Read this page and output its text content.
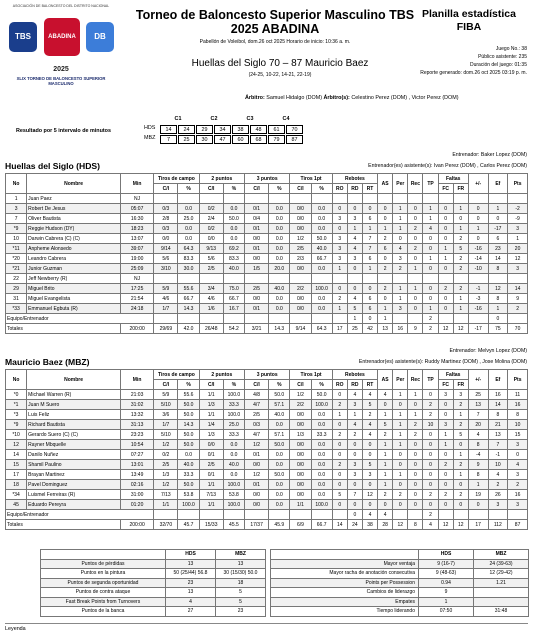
ASOCIACIÓN DE BALONCESTO DEL DISTRITO NACIONAL
TBS	ABADINA	DB
2025
XLIX TORNEO DE BALONCESTO SUPERIOR MASCULINO
Torneo de Baloncesto Superior Masculino TBS
2025 ABADINA
Pabellón de Voleibol, dom.26 oct 2025 Horario de inicio: 10:36 a. m.
Huellas del Siglo 70 – 87 Mauricio Baez
(24-25, 10-22, 14-21, 22-19)
Planilla estadística
FIBA
Juego No.: 38
Público asistente: 235
Duración del juego: 01:35
Reporte generado: dom.26 oct 2025 03:19 p. m.
Árbitro: Samuel Hidalgo (DOM) Árbitro(s): Celestino Perez (DOM) , Victor Perez (DOM)
Resultado por 5 intervalo de minutos
C1	C2	C3	C4
HDS
MBZ
14	24	29	34	38	48	61	70
7	25	30	47	60	68	79	87
Huellas del Siglo (HDS)
Entrenador: Baker Lopez (DOM)
Entrenador(es) asistente(s): Ivan Perez (DOM) , Carlos Perez (DOM)
No	Nombre	Min	Tiros de campo		2 puntos		3 puntos		Tiros 1pt		Rebotes			AS	Per	Rec	TP	Faltas		+/-	Ef	Pts
			C/I	%	C/I	%	C/I	%	C/I	%	RO	RD	RT					FC	FR			
1	Juan Paez	NJ																				
3	Robert De Jesus	05:07	0/3	0.0	0/2	0.0	0/1	0.0	0/0	0.0	0	0	0	0	1	0	1	0	1	0	1	-2
7	Oliver Bautista	16:30	2/8	25.0	2/4	50.0	0/4	0.0	0/0	0.0	3	3	6	0	1	0	1	0	0	0	0	-9
*9	Reggie Hudson (DY)	18:23	0/3	0.0	0/2	0.0	0/1	0.0	0/0	0.0	0	1	1	1	1	2	4	0	1	1	-17	3
10	Darwin Cabrera (C) (C)	13:07	0/0	0.0	0/0	0.0	0/0	0.0	1/2	50.0	3	4	7	2	0	0	0	0	2	0	6	1
*11	Anpheme Alonsedo	39:07	9/14	64.3	9/13	69.2	0/1	0.0	2/5	40.0	3	4	7	6	4	2	0	1	5	-16	23	20
*20	Leandro Cabrera	19:00	5/6	83.3	5/6	83.3	0/0	0.0	2/3	66.7	3	3	6	0	3	0	1	1	2	-14	14	12
*21	Junior Guzman	25:09	3/10	30.0	2/5	40.0	1/5	20.0	0/0	0.0	1	0	1	2	2	1	0	0	2	-10	8	3
22	Jeff Newberry (R)	NJ																				
29	Miguel Brito	17:25	5/9	55.6	3/4	75.0	2/5	40.0	2/2	100.0	0	0	0	2	1	1	0	2	2	-1	12	14
31	Miguel Evangelista	21:54	4/6	66.7	4/6	66.7	0/0	0.0	0/0	0.0	2	4	6	0	1	0	0	0	1	-3	8	9
*33	Emmanuel Egbuta (R)	24:18	1/7	14.3	1/6	16.7	0/1	0.0	0/0	0.0	1	5	6	1	3	0	1	0	1	-16	1	2
Equipo/Entrenador												1	0	1			2				0	
Totales		200:00	29/69	42.0	26/48	54.2	3/21	14.3	9/14	64.3	17	25	42	13	16	9	2	12	12	-17	75	70
Mauricio Baez (MBZ)
Entrenador: Melvyn Lopez (DOM)
Entrenador(es) asistente(s): Ruddy Martinez (DOM) , Jose Molina (DOM)
No	Nombre	Min	Tiros de campo		2 puntos		3 puntos		Tiros 1pt		Rebotes			AS	Per	Rec	TP	Faltas		+/-	Ef	Pts
			C/I	%	C/I	%	C/I	%	C/I	%	RO	RD	RT					FC	FR			
*0	Michael Warren (R)	21:03	5/9	55.6	1/1	100.0	4/8	50.0	1/2	50.0	0	4	4	4	1	1	0	3	3	25	16	11
*1	Juan M Suero	31:02	5/10	50.0	1/3	33.3	4/7	57.1	2/2	100.0	2	3	5	0	0	0	2	0	2	13	14	16
*3	Luis Feliz	13:32	3/6	50.0	1/1	100.0	2/5	40.0	0/0	0.0	1	1	2	1	1	1	2	0	1	7	8	8
*9	Richard Bautista	31:13	1/7	14.3	1/4	25.0	0/3	0.0	0/0	0.0	0	4	4	5	1	2	10	3	2	20	21	10
*10	Gerardo Suero (C) (C)	23:23	5/10	50.0	1/3	33.3	4/7	57.1	1/3	33.3	2	2	4	2	1	2	0	1	5	4	13	15
12	Rayner Mbquelle	10:54	1/2	50.0	0/0	0.0	1/2	50.0	0/0	0.0	0	0	0	1	1	0	0	1	0	8	7	3
14	Danilo Nuñez	07:27	0/2	0.0	0/1	0.0	0/1	0.0	0/0	0.0	0	0	0	1	0	0	0	0	1	-4	-1	0
15	Shamil Paulino	13:01	2/5	40.0	2/5	40.0	0/0	0.0	0/0	0.0	2	3	5	1	0	0	0	2	2	9	10	4
17	Brayan Martinez	13:49	1/3	33.3	0/1	0.0	1/2	50.0	0/0	0.0	0	3	3	1	1	0	0	0	1	8	4	3
18	Pavel Dominguez	02:16	1/2	50.0	1/1	100.0	0/1	0.0	0/0	0.0	0	0	0	1	0	0	0	0	0	1	2	2
*34	Luismel Ferreiras (R)	31:00	7/13	53.8	7/13	53.8	0/0	0.0	0/0	0.0	5	7	12	2	2	0	2	2	2	19	26	16
45	Eduardo Pereyra	01:20	1/1	100.0	1/1	100.0	0/0	0.0	1/1	100.0	0	0	0	0	0	0	0	0	0	0	3	3
Equipo/Entrenador												0	4	4			2					
Totales		200:00	32/70	45.7	15/33	45.5	17/37	45.9	6/9	66.7	14	24	38	28	12	8	4	12	12	17	112	87
	HDS	MBZ
Puntos de pérdidas	13	13
Puntos en la pintura	50 (25/44) 56.8	30 (15/30) 50.0
Puntos de segunda oportunidad	23	18
Puntos de contra ataque	13	5
Fast Break Points from Turnovers	4	5
Puntos de la banca	27	23
	HDS	MBZ
Mayor ventaja	9 (16-7)	24 (39-63)
Mayor racha de anotación consecutiva	9 (48-63)	12 (29-42)
Points per Possession	0.94	1.21
Cambios de liderazgo	9	
Empates	1	
Tiempo liderando	07:50	31:48
Leyenda
